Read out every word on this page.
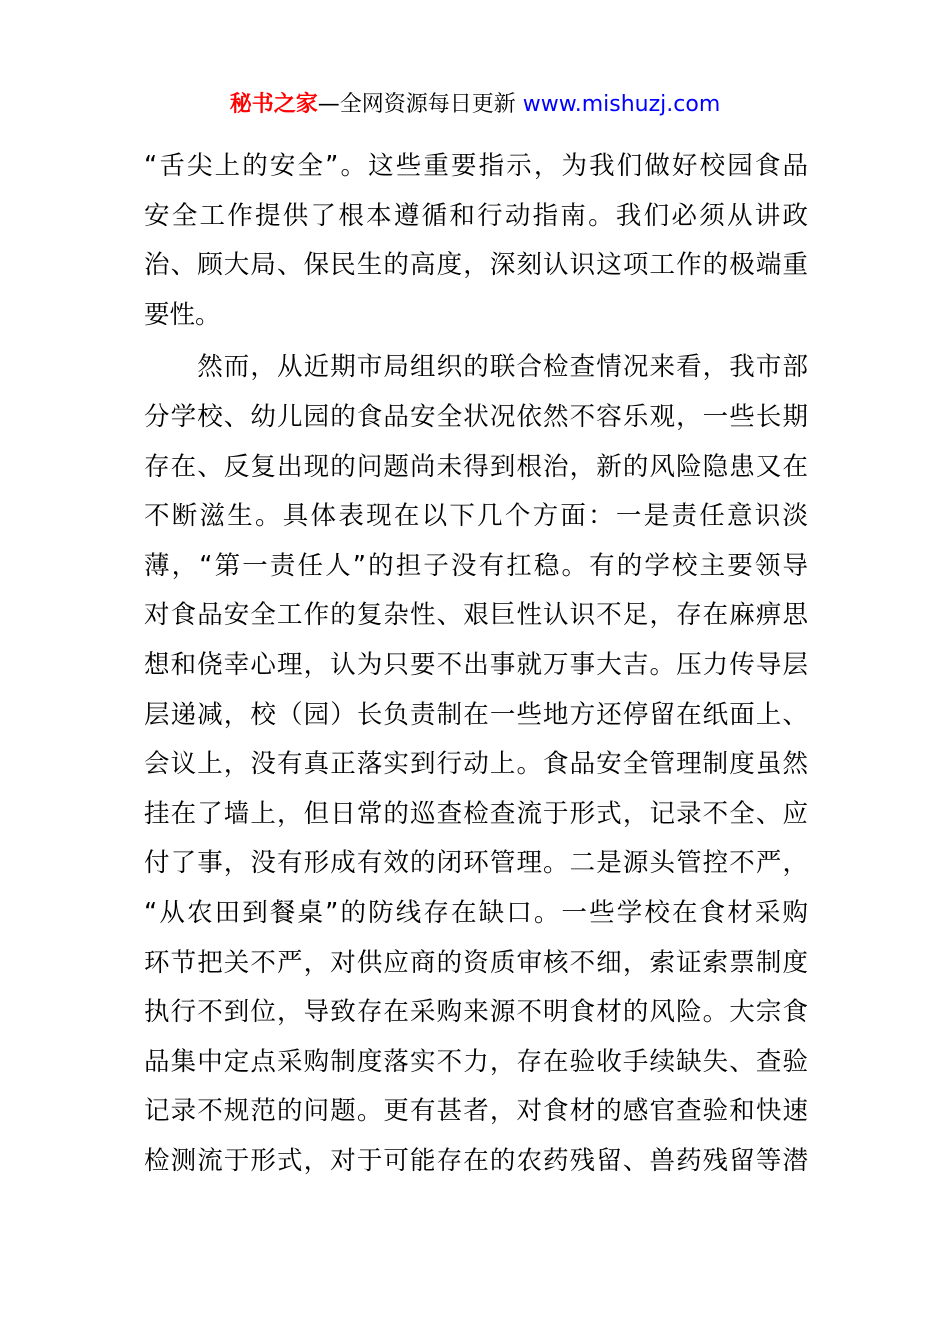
秘书之家—全网资源每日更新 www.mishuzj.com
“舌尖上的安全”。这些重要指示，为我们做好校园食品
安全工作提供了根本遵循和行动指南。我们必须从讲政
治、顾大局、保民生的高度，深刻认识这项工作的极端重
要性。
　　然而，从近期市局组织的联合检查情况来看，我市部
分学校、幼儿园的食品安全状况依然不容乐观，一些长期
存在、反复出现的问题尚未得到根治，新的风险隐患又在
不断滋生。具体表现在以下几个方面：一是责任意识淡
薄，“第一责任人”的担子没有扛稳。有的学校主要领导
对食品安全工作的复杂性、艰巨性认识不足，存在麻痹思
想和侥幸心理，认为只要不出事就万事大吉。压力传导层
层递减，校（园）长负责制在一些地方还停留在纸面上、
会议上，没有真正落实到行动上。食品安全管理制度虽然
挂在了墙上，但日常的巡查检查流于形式，记录不全、应
付了事，没有形成有效的闭环管理。二是源头管控不严，
“从农田到餐桌”的防线存在缺口。一些学校在食材采购
环节把关不严，对供应商的资质审核不细，索证索票制度
执行不到位，导致存在采购来源不明食材的风险。大宗食
品集中定点采购制度落实不力，存在验收手续缺失、查验
记录不规范的问题。更有甚者，对食材的感官查验和快速
检测流于形式，对于可能存在的农药残留、兽药残留等潜
